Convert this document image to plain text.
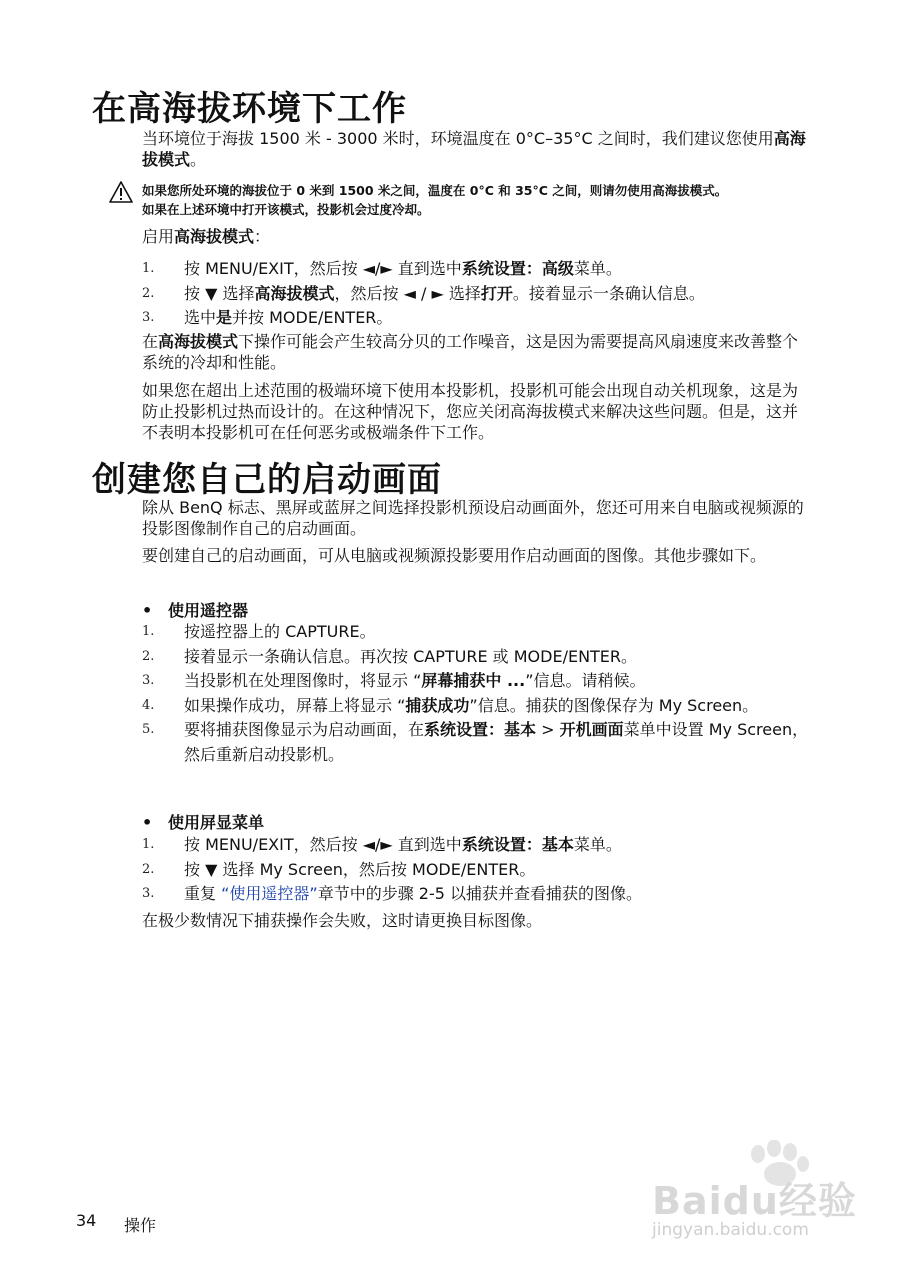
在高海拔环境下工作

当环境位于海拔 1500 米 - 3000 米时，环境温度在 0°C–35°C 之间时，我们建议您使用高海拔模式。

如果您所处环境的海拔位于 0 米到 1500 米之间，温度在 0°C 和 35°C 之间，则请勿使用高海拔模式。
如果在上述环境中打开该模式，投影机会过度冷却。

启用高海拔模式：

1. 按 MENU/EXIT，然后按 ◄/► 直到选中系统设置：高级菜单。
2. 按 ▼ 选择高海拔模式，然后按 ◄ / ► 选择打开。接着显示一条确认信息。
3. 选中是并按 MODE/ENTER。

在高海拔模式下操作可能会产生较高分贝的工作噪音，这是因为需要提高风扇速度来改善整个系统的冷却和性能。

如果您在超出上述范围的极端环境下使用本投影机，投影机可能会出现自动关机现象，这是为防止投影机过热而设计的。在这种情况下，您应关闭高海拔模式来解决这些问题。但是，这并不表明本投影机可在任何恶劣或极端条件下工作。

创建您自己的启动画面

除从 BenQ 标志、黑屏或蓝屏之间选择投影机预设启动画面外，您还可用来自电脑或视频源的投影图像制作自己的启动画面。

要创建自己的启动画面，可从电脑或视频源投影要用作启动画面的图像。其他步骤如下。

• 使用遥控器
1. 按遥控器上的 CAPTURE。
2. 接着显示一条确认信息。再次按 CAPTURE 或 MODE/ENTER。
3. 当投影机在处理图像时，将显示 “屏幕捕获中 ...”信息。请稍候。
4. 如果操作成功，屏幕上将显示 “捕获成功”信息。捕获的图像保存为 My Screen。
5. 要将捕获图像显示为启动画面，在系统设置：基本 > 开机画面菜单中设置 My Screen，然后重新启动投影机。
• 使用屏显菜单
1. 按 MENU/EXIT，然后按 ◄/► 直到选中系统设置：基本菜单。
2. 按 ▼ 选择 My Screen，然后按 MODE/ENTER。
3. 重复 “使用遥控器”章节中的步骤 2-5 以捕获并查看捕获的图像。

在极少数情况下捕获操作会失败，这时请更换目标图像。

34 操作
Baidu经验
jingyan.baidu.com
